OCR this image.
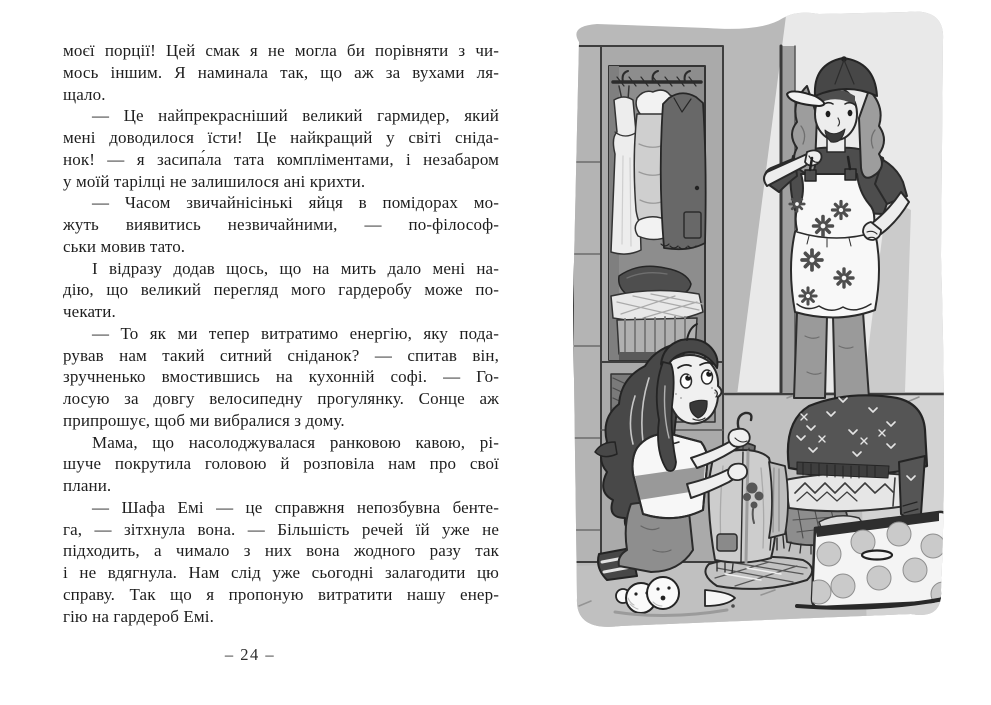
моєї порції! Цей смак я не могла би порівняти з чи-
мось іншим. Я наминала так, що аж за вухами ля-
щало.
— Це найпрекрасніший великий гармидер, який
мені доводилося їсти! Це найкращий у світі сніда-
нок! — я засипа́ла тата компліментами, і незабаром
у моїй тарілці не залишилося ані крихти.
— Часом звичайнісінькі яйця в помідорах мо-
жуть виявитись незвичайними, — по-філософ-
ськи мовив тато.
І відразу додав щось, що на мить дало мені на-
дію, що великий перегляд мого гардеробу може по-
чекати.
— То як ми тепер витратимо енергію, яку пода-
рував нам такий ситний сніданок? — спитав він,
зручненько вмостившись на кухонній софі. — Го-
лосую за довгу велосипедну прогулянку. Сонце аж
припрошує, щоб ми вибралися з дому.
Мама, що насолоджувалася ранковою кавою, рі-
шуче покрутила головою й розповіла нам про свої
плани.
— Шафа Емі — це справжня непозбувна бенте-
га, — зітхнула вона. — Більшість речей їй уже не
підходить, а чимало з них вона жодного разу так
і не вдягнула. Нам слід уже сьогодні залагодити цю
справу. Так що я пропоную витратити нашу енер-
гію на гардероб Емі.
– 24 –
